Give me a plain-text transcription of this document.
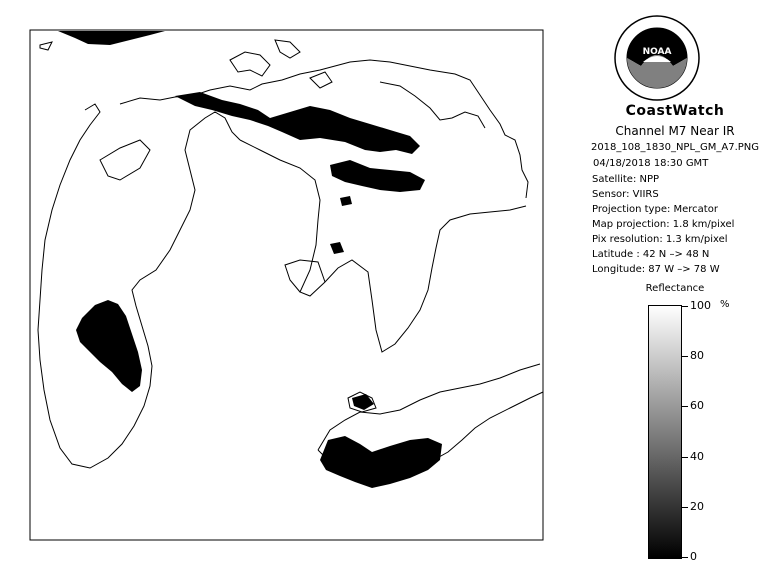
NOAA
CoastWatch
Channel M7 Near IR
2018_108_1830_NPL_GM_A7.PNG
04/18/2018 18:30 GMT
Satellite: NPP
Sensor: VIIRS
Projection type: Mercator
Map projection: 1.8 km/pixel
Pix resolution: 1.3 km/pixel
Latitude : 42 N –> 48 N
Longitude: 87 W –> 78 W
Reflectance
%
100
80
60
40
20
0
